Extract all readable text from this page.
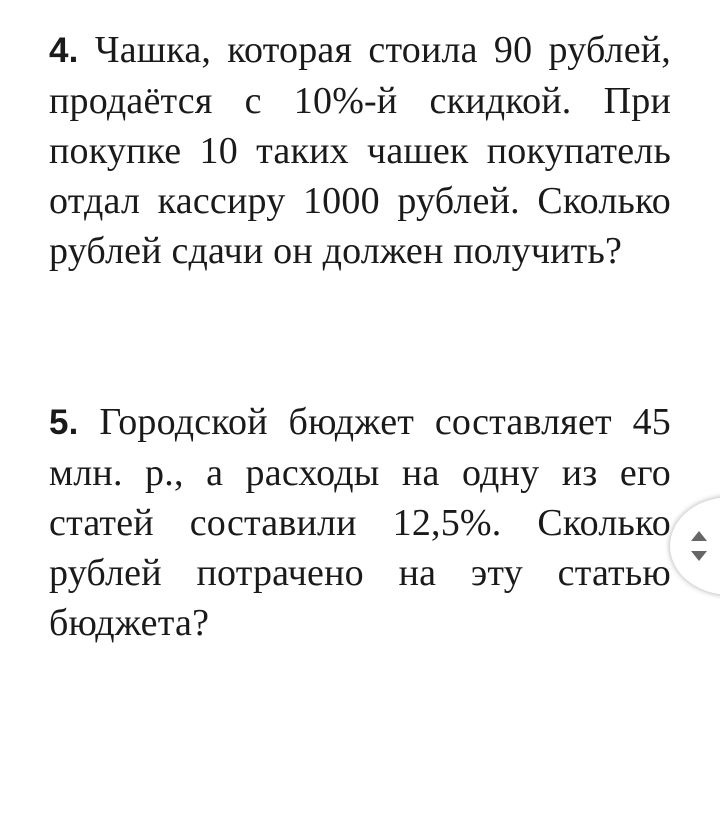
4. Чашка, которая стоила 90 рублей, продаётся с 10%-й скидкой. При покупке 10 таких чашек покупатель отдал кассиру 1000 рублей. Сколько рублей сдачи он должен получить?

5. Городской бюджет составляет 45 млн. р., а расходы на одну из его статей составили 12,5%. Сколько рублей потрачено на эту статью бюджета?
